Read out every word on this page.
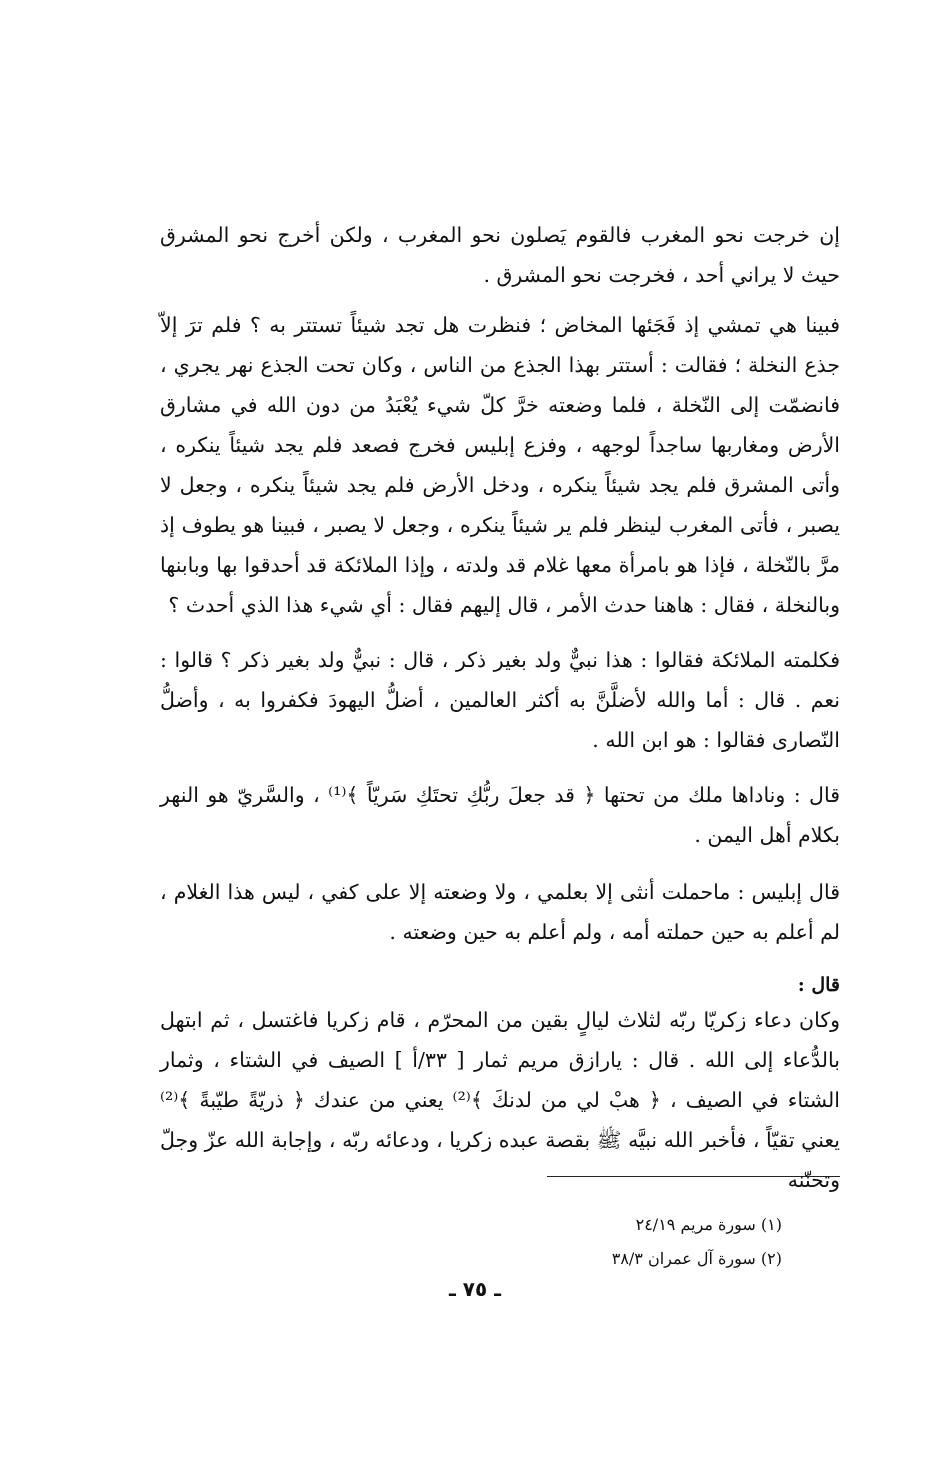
إن خرجت نحو المغرب فالقوم يَصلون نحو المغرب ، ولكن أخرج نحو المشرق حيث لا يراني أحد ، فخرجت نحو المشرق .

فبينا هي تمشي إذ فَجَئها المخاض ؛ فنظرت هل تجد شيئاً تستتر به ؟ فلم ترَ إلاّ جذع النخلة ؛ فقالت : أستتر بهذا الجذع من الناس ، وكان تحت الجذع نهر يجري ، فانضمّت إلى النّخلة ، فلما وضعته خرَّ كلّ شيء يُعْبَدُ من دون الله في مشارق الأرض ومغاربها ساجداً لوجهه ، وفزع إبليس فخرج فصعد فلم يجد شيئاً ينكره ، وأتى المشرق فلم يجد شيئاً ينكره ، ودخل الأرض فلم يجد شيئاً ينكره ، وجعل لا يصبر ، فأتى المغرب لينظر فلم ير شيئاً ينكره ، وجعل لا يصبر ، فبينا هو يطوف إذ مرَّ بالنّخلة ، فإذا هو بامرأة معها غلام قد ولدته ، وإذا الملائكة قد أحدقوا بها وبابنها وبالنخلة ، فقال : هاهنا حدث الأمر ، قال إليهم فقال : أي شيء هذا الذي أحدث ؟

فكلمته الملائكة فقالوا : هذا نبيٌّ ولد بغير ذكر ، قال : نبيٌّ ولد بغير ذكر ؟ قالوا : نعم . قال : أما والله لأضلَّنَّ به أكثر العالمين ، أضلُّ اليهودَ فكفروا به ، وأضلُّ النّصارى فقالوا : هو ابن الله .

قال : وناداها ملك من تحتها ﴿ قد جعلَ ربُّكِ تحتَكِ سَريّاً ﴾⁽¹⁾ ، والسَّريّ هو النهر بكلام أهل اليمن .

قال إبليس : ماحملت أنثى إلا بعلمي ، ولا وضعته إلا على كفي ، ليس هذا الغلام ، لم أعلم به حين حملته أمه ، ولم أعلم به حين وضعته .

قال :

وكان دعاء زكريّا ربّه لثلاث ليالٍ بقين من المحرّم ، قام زكريا فاغتسل ، ثم ابتهل بالدُّعاء إلى الله . قال : يارازق مريم ثمار [ ٣٣/أ ] الصيف في الشتاء ، وثمار الشتاء في الصيف ، ﴿ هبْ لي من لدنكَ ﴾⁽²⁾ يعني من عندك ﴿ ذريّةً طيّبةً ﴾⁽²⁾ يعني تقيّاً ، فأخبر الله نبيَّه ﷺ بقصة عبده زكريا ، ودعائه ربّه ، وإجابة الله عزّ وجلّ وتحنّنه

(١) سورة مريم ٢٤/١٩
(٢) سورة آل عمران ٣٨/٣
ـ ٧٥ ـ
